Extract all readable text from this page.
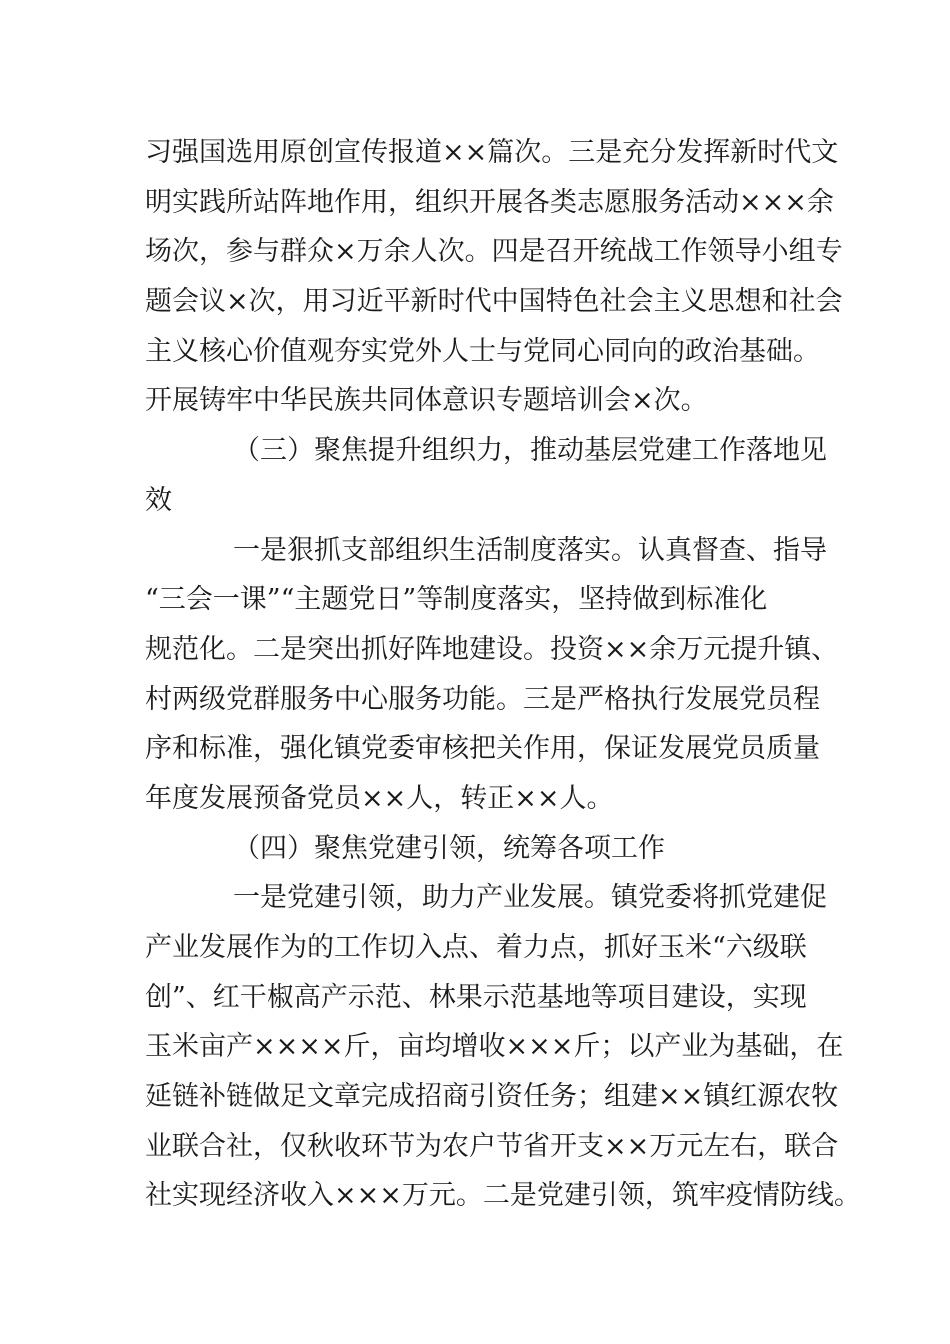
习强国选用原创宣传报道××篇次。三是充分发挥新时代文
明实践所站阵地作用，组织开展各类志愿服务活动×××余
场次，参与群众×万余人次。四是召开统战工作领导小组专
题会议×次，用习近平新时代中国特色社会主义思想和社会
主义核心价值观夯实党外人士与党同心同向的政治基础。
开展铸牢中华民族共同体意识专题培训会×次。
（三）聚焦提升组织力，推动基层党建工作落地见
效
一是狠抓支部组织生活制度落实。认真督查、指导
“三会一课”“主题党日”等制度落实，坚持做到标准化
规范化。二是突出抓好阵地建设。投资××余万元提升镇、
村两级党群服务中心服务功能。三是严格执行发展党员程
序和标准，强化镇党委审核把关作用，保证发展党员质量
年度发展预备党员××人，转正××人。
（四）聚焦党建引领，统筹各项工作
一是党建引领，助力产业发展。镇党委将抓党建促
产业发展作为的工作切入点、着力点，抓好玉米“六级联
创”、红干椒高产示范、林果示范基地等项目建设，实现
玉米亩产××××斤，亩均增收×××斤；以产业为基础，在
延链补链做足文章完成招商引资任务；组建××镇红源农牧
业联合社，仅秋收环节为农户节省开支××万元左右，联合
社实现经济收入×××万元。二是党建引领，筑牢疫情防线。
